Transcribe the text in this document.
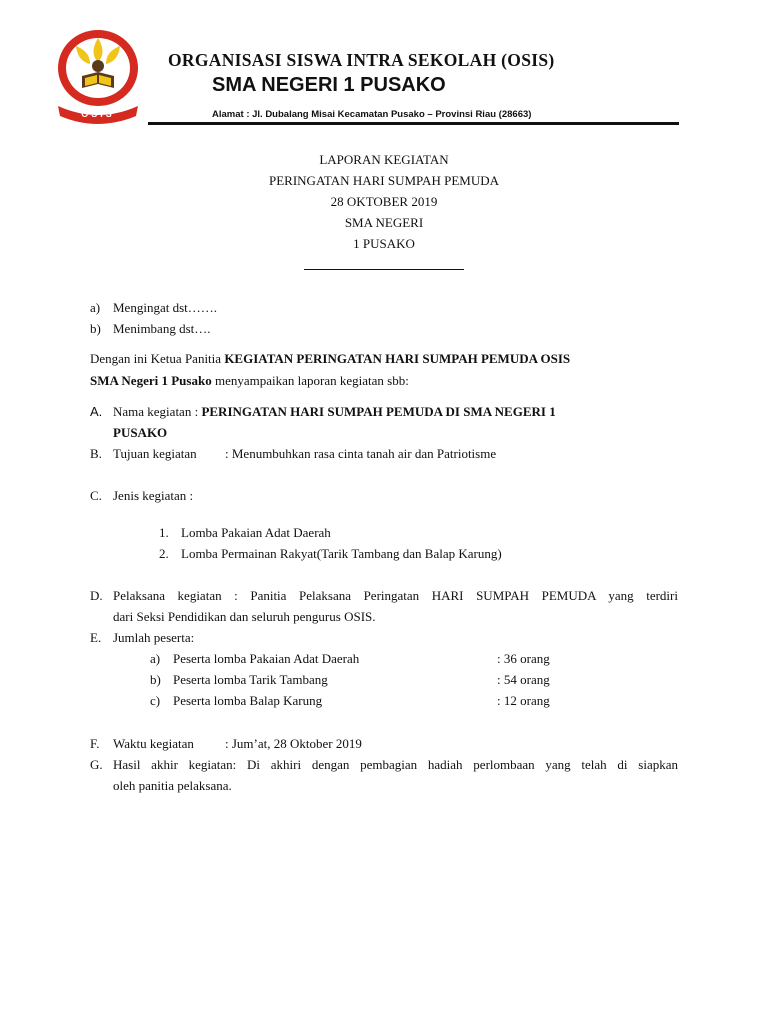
OSIS
ORGANISASI SISWA INTRA SEKOLAH (OSIS)
SMA NEGERI 1 PUSAKO
Alamat : Jl. Dubalang Misai Kecamatan Pusako – Provinsi Riau (28663)
LAPORAN KEGIATAN
PERINGATAN HARI SUMPAH PEMUDA
28 OKTOBER 2019
SMA NEGERI
1 PUSAKO
a) Mengingat dst…….
b) Menimbang dst….
Dengan ini Ketua Panitia KEGIATAN PERINGATAN HARI SUMPAH PEMUDA OSIS
SMA Negeri 1 Pusako menyampaikan laporan kegiatan sbb:
A. Nama kegiatan : PERINGATAN HARI SUMPAH PEMUDA DI SMA NEGERI 1
PUSAKO
B. Tujuan kegiatan : Menumbuhkan rasa cinta tanah air dan Patriotisme
C. Jenis kegiatan :
1. Lomba Pakaian Adat Daerah
2. Lomba Permainan Rakyat(Tarik Tambang dan Balap Karung)
D. Pelaksana kegiatan : Panitia Pelaksana Peringatan HARI SUMPAH PEMUDA yang terdiri
dari Seksi Pendidikan dan seluruh pengurus OSIS.
E. Jumlah peserta:
a) Peserta lomba Pakaian Adat Daerah	: 36 orang
b) Peserta lomba Tarik Tambang	: 54 orang
c) Peserta lomba Balap Karung	: 12 orang
F. Waktu kegiatan : Jum’at, 28 Oktober 2019
G. Hasil akhir kegiatan: Di akhiri dengan pembagian hadiah perlombaan yang telah di siapkan
oleh panitia pelaksana.
